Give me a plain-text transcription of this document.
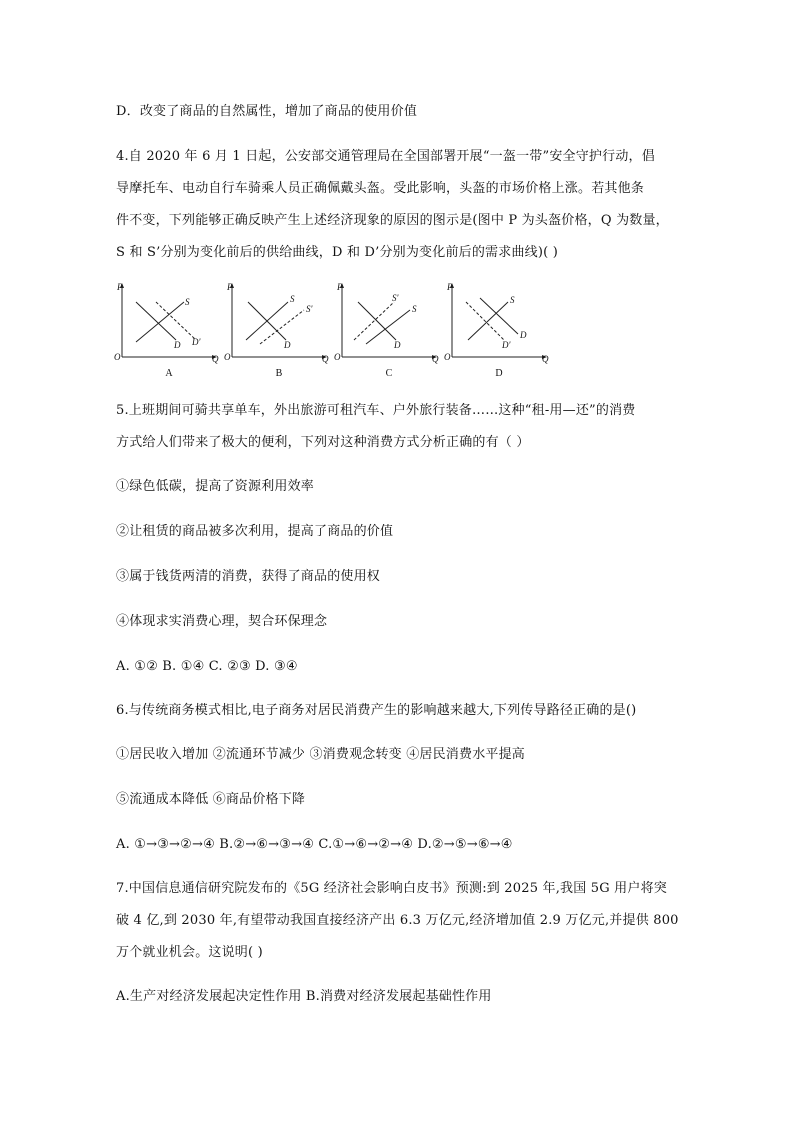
D．改变了商品的自然属性，增加了商品的使用价值
4.自 2020 年 6 月 1 日起，公安部交通管理局在全国部署开展“一盔一带”安全守护行动，倡
导摩托车、电动自行车骑乘人员正确佩戴头盔。受此影响，头盔的市场价格上涨。若其他条
件不变，下列能够正确反映产生上述经济现象的原因的图示是(图中 P 为头盔价格，Q 为数量，
S 和 S’分别为变化前后的供给曲线，D 和 D’分别为变化前后的需求曲线)( )
P
S
D D'
O	Q
A
P
S
S'
D
O	Q
B
P
S'
S
D
O	Q
C
P
S
D
D'
O	Q
D
5.上班期间可骑共享单车，外出旅游可租汽车、户外旅行装备……这种“租-用—还”的消费
方式给人们带来了极大的便利，下列对这种消费方式分析正确的有（ ）
①绿色低碳，提高了资源利用效率
②让租赁的商品被多次利用，提高了商品的价值
③属于钱货两清的消费，获得了商品的使用权
④体现求实消费心理，契合环保理念
A. ①② B. ①④ C. ②③ D. ③④
6.与传统商务模式相比,电子商务对居民消费产生的影响越来越大,下列传导路径正确的是()
①居民收入增加 ②流通环节减少 ③消费观念转变 ④居民消费水平提高
⑤流通成本降低 ⑥商品价格下降
A. ①→③→②→④ B.②→⑥→③→④ C.①→⑥→②→④ D.②→⑤→⑥→④
7.中国信息通信研究院发布的《5G 经济社会影响白皮书》预测:到 2025 年,我国 5G 用户将突
破 4 亿,到 2030 年,有望带动我国直接经济产出 6.3 万亿元,经济增加值 2.9 万亿元,并提供 800
万个就业机会。这说明( )
A.生产对经济发展起决定性作用 B.消费对经济发展起基础性作用
